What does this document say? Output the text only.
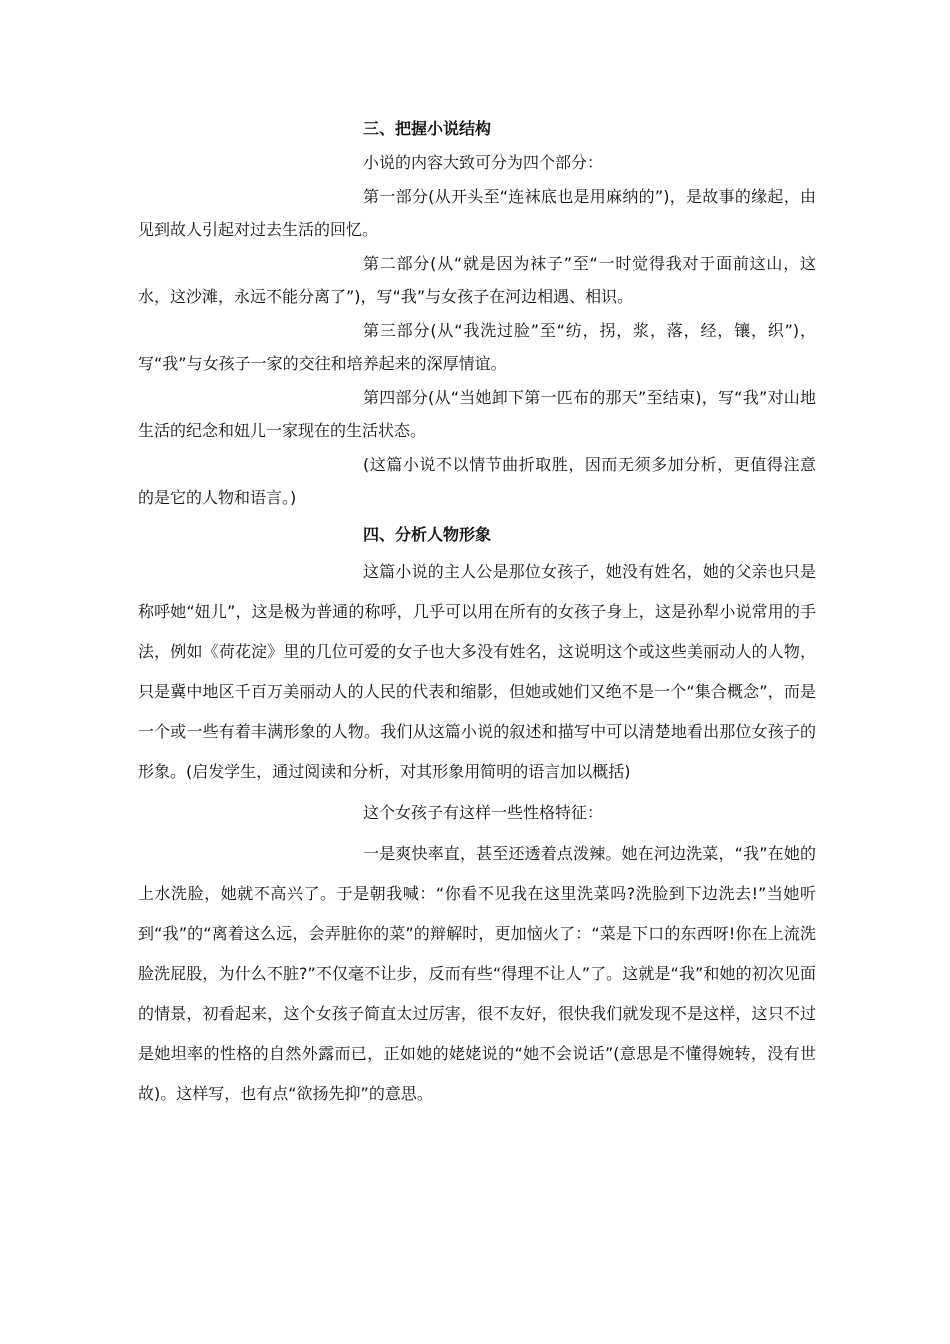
三、把握小说结构

小说的内容大致可分为四个部分：

第一部分(从开头至“连袜底也是用麻纳的”)，是故事的缘起，由见到故人引起对过去生活的回忆。

第二部分(从“就是因为袜子”至“一时觉得我对于面前这山，这水，这沙滩，永远不能分离了”)，写“我”与女孩子在河边相遇、相识。

第三部分(从“我洗过脸”至“纺，拐，浆，落，经，镶，织”)，写“我”与女孩子一家的交往和培养起来的深厚情谊。

第四部分(从“当她卸下第一匹布的那天”至结束)，写“我”对山地生活的纪念和妞儿一家现在的生活状态。

(这篇小说不以情节曲折取胜，因而无须多加分析，更值得注意的是它的人物和语言。)

四、分析人物形象

这篇小说的主人公是那位女孩子，她没有姓名，她的父亲也只是称呼她“妞儿”，这是极为普通的称呼，几乎可以用在所有的女孩子身上，这是孙犁小说常用的手法，例如《荷花淀》里的几位可爱的女子也大多没有姓名，这说明这个或这些美丽动人的人物，只是冀中地区千百万美丽动人的人民的代表和缩影，但她或她们又绝不是一个“集合概念”，而是一个或一些有着丰满形象的人物。我们从这篇小说的叙述和描写中可以清楚地看出那位女孩子的形象。(启发学生，通过阅读和分析，对其形象用简明的语言加以概括)

这个女孩子有这样一些性格特征：

一是爽快率直，甚至还透着点泼辣。她在河边洗菜，“我”在她的上水洗脸，她就不高兴了。于是朝我喊：“你看不见我在这里洗菜吗?洗脸到下边洗去!”当她听到“我”的“离着这么远，会弄脏你的菜”的辩解时，更加恼火了：“菜是下口的东西呀!你在上流洗脸洗屁股，为什么不脏?”不仅毫不让步，反而有些“得理不让人”了。这就是“我”和她的初次见面的情景，初看起来，这个女孩子简直太过厉害，很不友好，很快我们就发现不是这样，这只不过是她坦率的性格的自然外露而已，正如她的姥姥说的“她不会说话”(意思是不懂得婉转，没有世故)。这样写，也有点“欲扬先抑”的意思。
